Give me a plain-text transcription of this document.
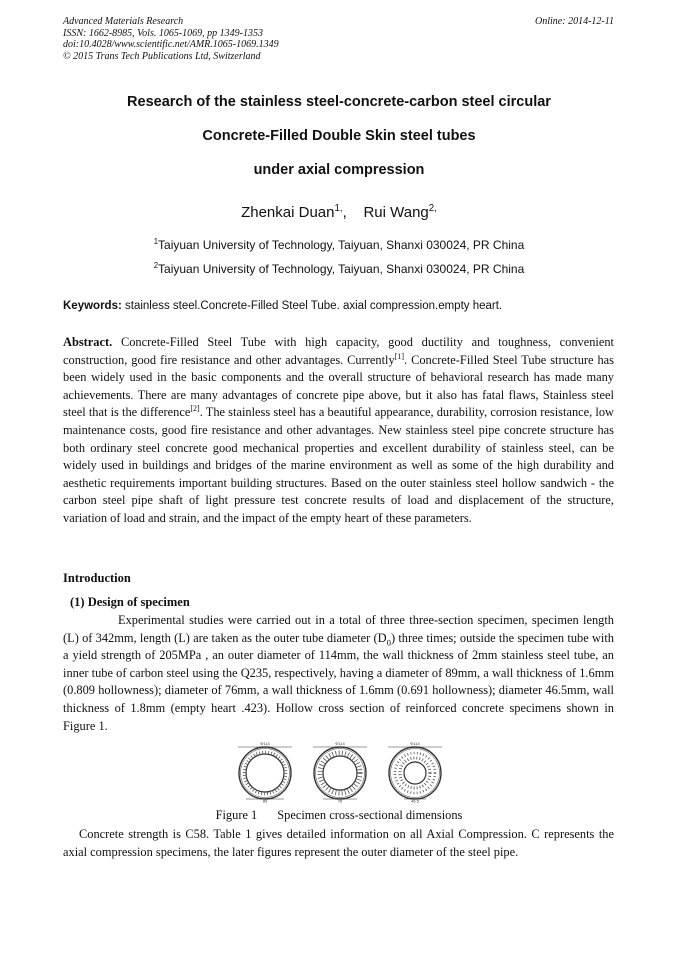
Advanced Materials Research
ISSN: 1662-8985, Vols. 1065-1069, pp 1349-1353
doi:10.4028/www.scientific.net/AMR.1065-1069.1349
© 2015 Trans Tech Publications Ltd, Switzerland
Online: 2014-12-11
Research of the stainless steel-concrete-carbon steel circular
Concrete-Filled Double Skin steel tubes
under axial compression
Zhenkai Duan$^{1,}$, Rui Wang$^{2,}$
$^1$Taiyuan University of Technology, Taiyuan, Shanxi 030024, PR China
$^2$Taiyuan University of Technology, Taiyuan, Shanxi 030024, PR China
Keywords: stainless steel.Concrete-Filled Steel Tube. axial compression.empty heart.
Abstract. Concrete-Filled Steel Tube with high capacity, good ductility and toughness, convenient construction, good fire resistance and other advantages. Currently[1]. Concrete-Filled Steel Tube structure has been widely used in the basic components and the overall structure of behavioral research has made many achievements. There are many advantages of concrete pipe above, but it also has fatal flaws, Stainless steel steel that is the difference[2]. The stainless steel has a beautiful appearance, durability, corrosion resistance, low maintenance costs, good fire resistance and other advantages. New stainless steel pipe concrete structure has both ordinary steel concrete good mechanical properties and excellent durability of stainless steel, can be widely used in buildings and bridges of the marine environment as well as some of the high durability and aesthetic requirements important building structures. Based on the outer stainless steel hollow sandwich - the carbon steel pipe shaft of light pressure test concrete results of load and displacement of the structure, variation of load and strain, and the impact of the empty heart of these parameters.
Introduction
(1) Design of specimen
Experimental studies were carried out in a total of three three-section specimen, specimen length (L) of 342mm, length (L) are taken as the outer tube diameter $(D_0)$ three times; outside the specimen tube with a yield strength of 205MPa , an outer diameter of 114mm, the wall thickness of 2mm stainless steel tube, an inner tube of carbon steel using the Q235, respectively, having a diameter of 89mm, a wall thickness of 1.6mm (0.809 hollowness); diameter of 76mm, a wall thickness of 1.6mm (0.691 hollowness); diameter 46.5mm, wall thickness of 1.8mm (empty heart .423). Hollow cross section of reinforced concrete specimens shown in Figure 1.
Φ114
89
Φ114
76
Φ114
46.5
Figure 1 Specimen cross-sectional dimensions
Concrete strength is C58. Table 1 gives detailed information on all Axial Compression. C represents the axial compression specimens, the later figures represent the outer diameter of the steel pipe.
